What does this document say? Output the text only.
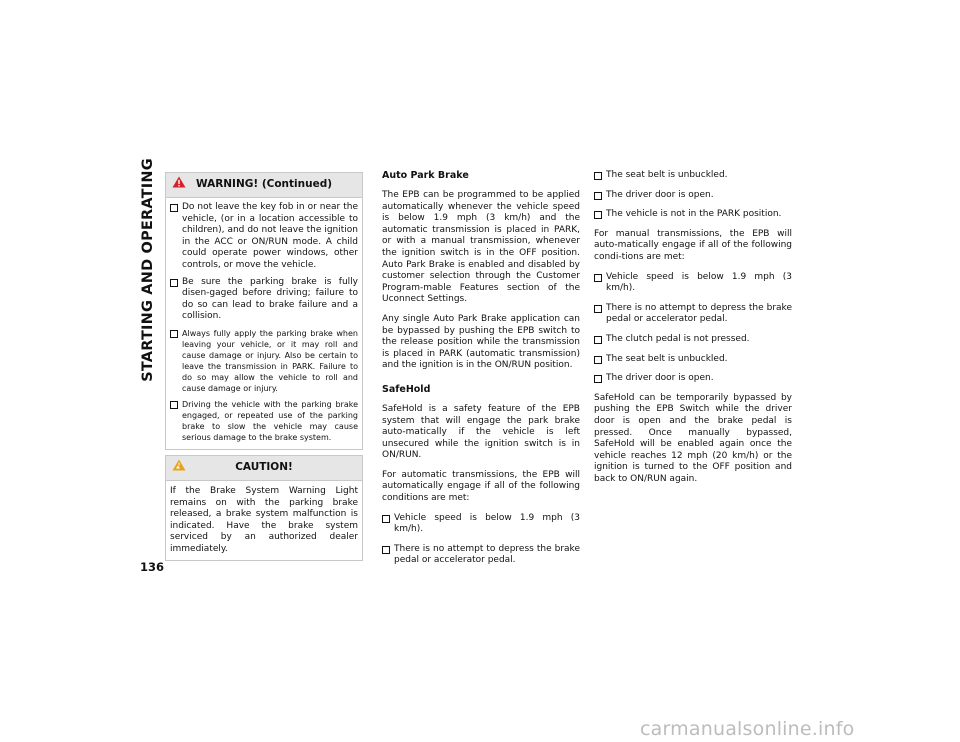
STARTING AND OPERATING
136
WARNING! (Continued)
Do not leave the key fob in or near the vehicle, (or in a location accessible to children), and do not leave the ignition in the ACC or ON/RUN mode. A child could operate power windows, other controls, or move the vehicle.
Be sure the parking brake is fully disen-gaged before driving; failure to do so can lead to brake failure and a collision.
Always fully apply the parking brake when leaving your vehicle, or it may roll and cause damage or injury. Also be certain to leave the transmission in PARK. Failure to do so may allow the vehicle to roll and cause damage or injury.
Driving the vehicle with the parking brake engaged, or repeated use of the parking brake to slow the vehicle may cause serious damage to the brake system.
CAUTION!
If the Brake System Warning Light remains on with the parking brake released, a brake system malfunction is indicated. Have the brake system serviced by an authorized dealer immediately.
Auto Park Brake
The EPB can be programmed to be applied automatically whenever the vehicle speed is below 1.9 mph (3 km/h) and the automatic transmission is placed in PARK, or with a manual transmission, whenever the ignition switch is in the OFF position. Auto Park Brake is enabled and disabled by customer selection through the Customer Program-mable Features section of the Uconnect Settings.
Any single Auto Park Brake application can be bypassed by pushing the EPB switch to the release position while the transmission is placed in PARK (automatic transmission) and the ignition is in the ON/RUN position.
SafeHold
SafeHold is a safety feature of the EPB system that will engage the park brake auto-matically if the vehicle is left unsecured while the ignition switch is in ON/RUN.
For automatic transmissions, the EPB will automatically engage if all of the following conditions are met:
Vehicle speed is below 1.9 mph (3 km/h).
There is no attempt to depress the brake pedal or accelerator pedal.
The seat belt is unbuckled.
The driver door is open.
The vehicle is not in the PARK position.
For manual transmissions, the EPB will auto-matically engage if all of the following condi-tions are met:
Vehicle speed is below 1.9 mph (3 km/h).
There is no attempt to depress the brake pedal or accelerator pedal.
The clutch pedal is not pressed.
The seat belt is unbuckled.
The driver door is open.
SafeHold can be temporarily bypassed by pushing the EPB Switch while the driver door is open and the brake pedal is pressed. Once manually bypassed, SafeHold will be enabled again once the vehicle reaches 12 mph (20 km/h) or the ignition is turned to the OFF position and back to ON/RUN again.
carmanualsonline.info
